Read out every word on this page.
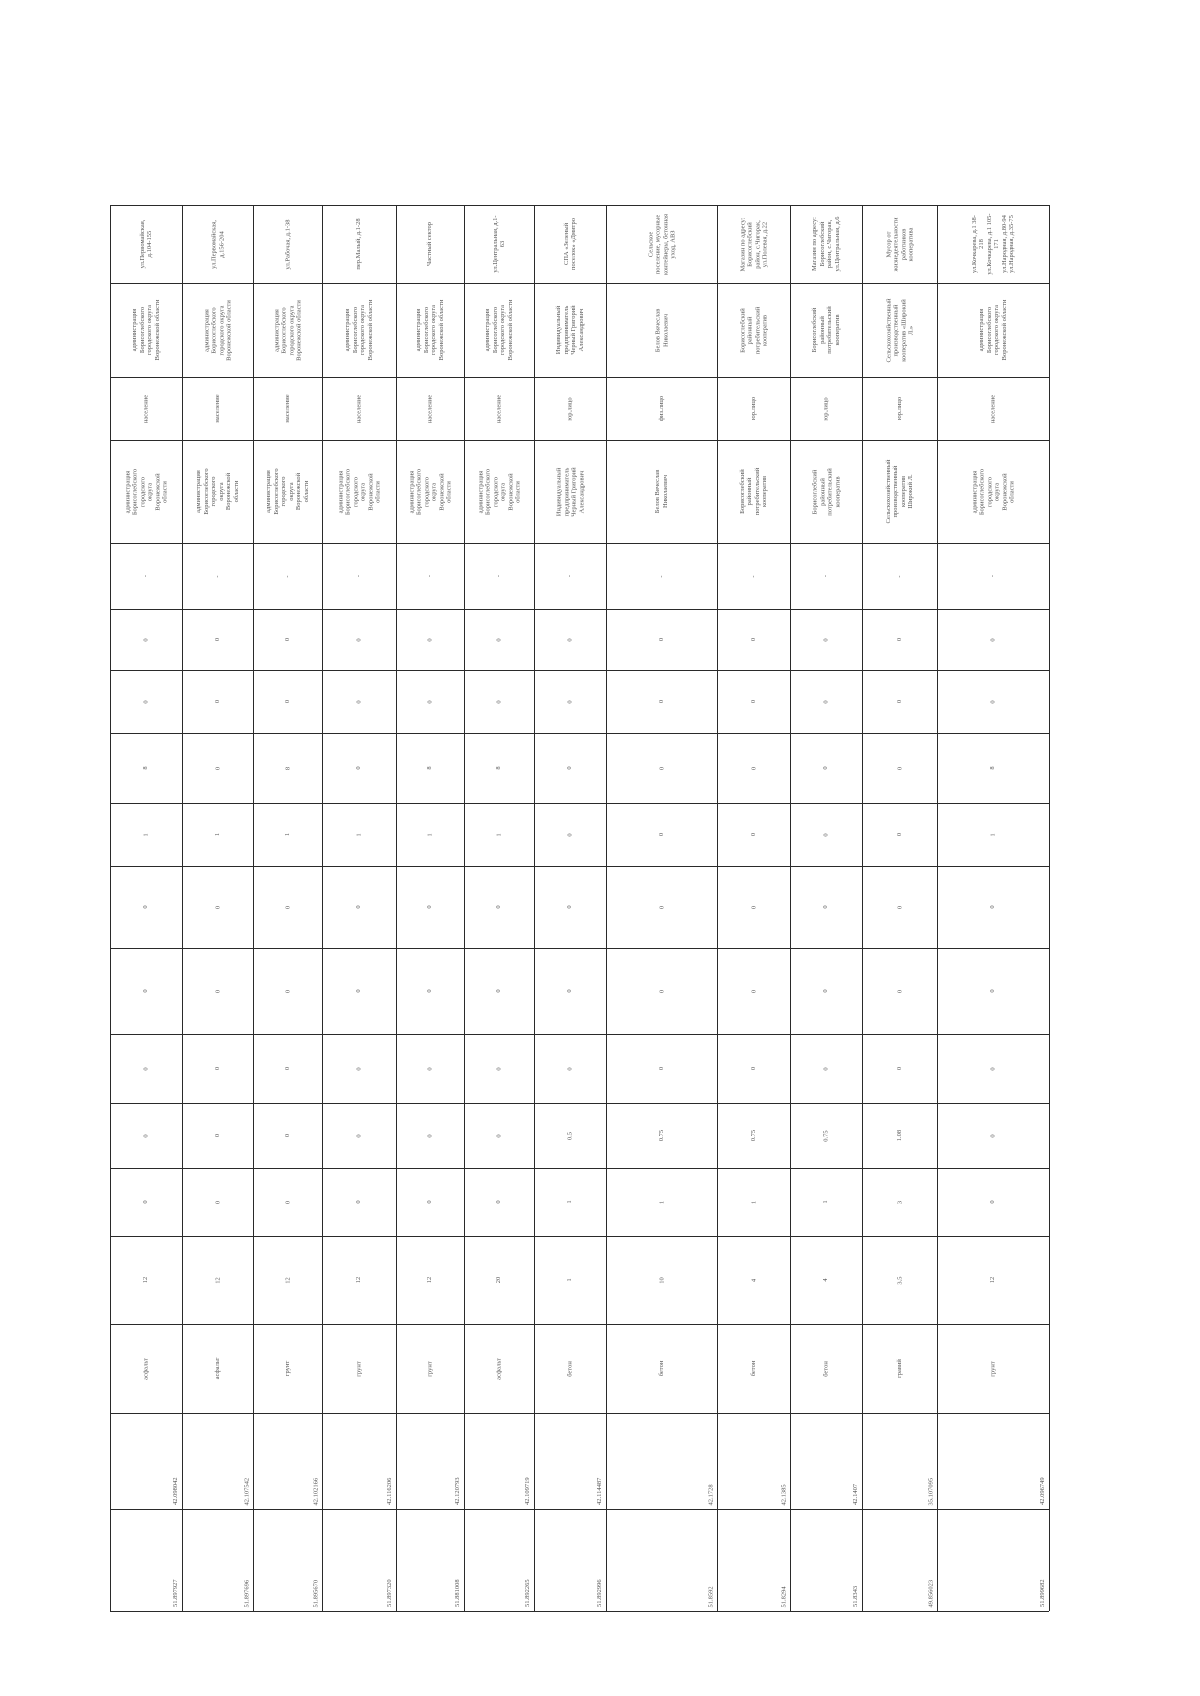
ул.Первомайская,
д.104-155
администрация
Борисоглебского
городского округа
Воронежской области
население
администрация
Борисоглебского
городского
округа
Воронежской
области
-
0
0
8
1
0
0
0
0
0
12
асфальт
42.098042
51.897927
ул.Первомайская,
д.156-204
администрация
Борисоглебского
городского округа
Воронежской области
население
администрация
Борисоглебского
городского
округа
Воронежской
области
-
0
0
0
1
0
0
0
0
0
12
асфальт
42.107542
51.897696
ул.Рабочая, д.1-38
администрация
Борисоглебского
городского округа
Воронежской области
население
администрация
Борисоглебского
городского
округа
Воронежской
области
-
0
0
8
1
0
0
0
0
0
12
грунт
42.102166
51.895670
пер.Малый, д.1-28
администрация
Борисоглебского
городского округа
Воронежской области
население
администрация
Борисоглебского
городского
округа
Воронежской
области
-
0
0
0
1
0
0
0
0
0
12
грунт
42.116206
51.897320
Частный сектор
администрация
Борисоглебского
городского округа
Воронежской области
население
администрация
Борисоглебского
городского
округа
Воронежской
области
-
0
0
8
1
0
0
0
0
0
12
грунт
42.120793
51.881008
ул.Центральная, д.1-
63
администрация
Борисоглебского
городского округа
Воронежской области
население
администрация
Борисоглебского
городского
округа
Воронежской
области
-
0
0
8
1
0
0
0
0
0
20
асфальт
42.109719
51.892265
СПА «Зеленый
поселок» «Дмитро
Индивидуальный
предприниматель
Черный Григорий
Александрович
юр.лицо
Индивидуальный
предприниматель
Черный Григорий
Александрович
-
0
0
0
0
0
0
0
0.5
1
1
бетон
42.114487
51.892996
Сельское
поселение, мусорные
контейнеры, бетонная
уход, АВЗ
Белов Вячеслав
Николаевич
физ.лицо
Белов Вячеслав
Николаевич
-
0
0
0
0
0
0
0
0.75
1
10
бетон
42.1728
51.8592
Магазин по адресу:
Борисоглебский
район, с.Чигорак,
ул.Полевая, д.22
Борисоглебский
районный
потребительский
кооператив
юр.лицо
Борисоглебский
районный
потребительский
кооператив
-
0
0
0
0
0
0
0
0.75
1
4
бетон
42.1385
51.8294
Магазин по адресу:
Борисоглебский
район, с.Чигорак,
ул.Центральная, д.6
Борисоглебский
районный
потребительский
кооператив
юр.лицо
Борисоглебский
районный
потребительский
кооператив
-
0
0
0
0
0
0
0
0.75
1
4
бетон
42.1407
51.8343
Мусор от
жизнедеятельности
работников
кооператива
Сельскохозяйственный
производственный
кооператив «Широкий
Л.»
юр.лицо
Сельскохозяйственный
производственный
кооператив
Широкий Л.
-
0
0
0
0
0
0
0
1.08
3
3.5
гравий
35.107095
49.856023
ул.Кочкарева, д.1 38-
218
ул.Кочкарева, д.1 105-
171
ул.Народная, д.80-94
ул.Народная, д.35-75
администрация
Борисоглебского
городского округа
Воронежской области
население
администрация
Борисоглебского
городского
округа
Воронежской
области
-
0
0
8
1
0
0
0
0
0
12
грунт
42.096749
51.899682
